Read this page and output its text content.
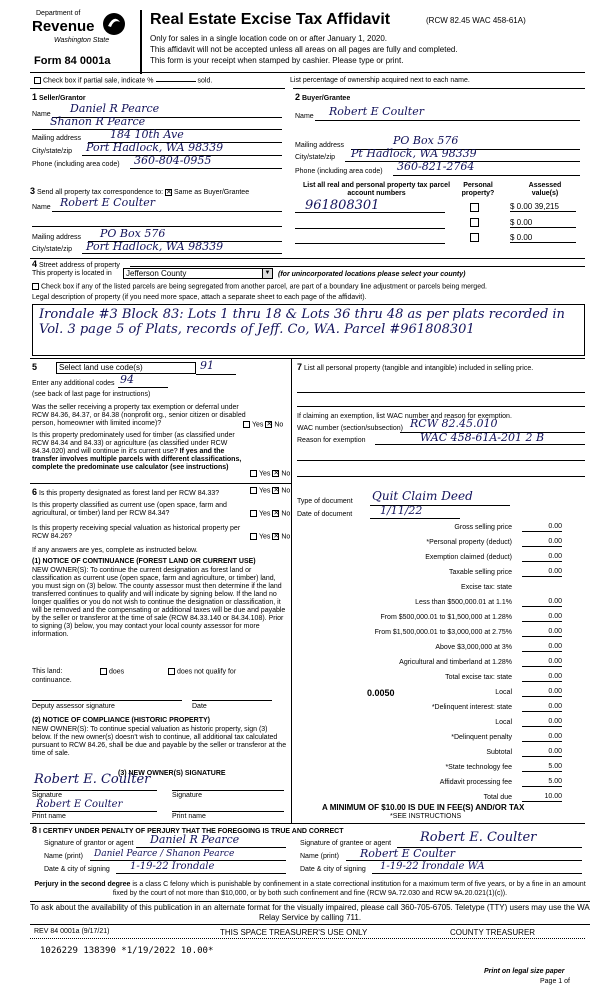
Department of
Revenue
Washington State
Form 84 0001a
Real Estate Excise Tax Affidavit	(RCW 82.45 WAC 458-61A)
Only for sales in a single location code on or after January 1, 2020.
This affidavit will not be accepted unless all areas on all pages are fully and completed.
This form is your receipt when stamped by cashier. Please type or print.
Check box if partial sale, indicate %	sold.	List percentage of ownership acquired next to each name.
1 Seller/Grantor
Name Daniel R Pearce
Shanon R Pearce
Mailing address	184 10th Ave
City/state/zip Port Hadlock, WA 98339
Phone (including area code) 360-804-0955
2 Buyer/Grantee
Name Robert E Coulter
Mailing address	PO Box 576
City/state/zip Pt Hadlock, WA 98339
Phone (including area code) 360-821-2764
3 Send all property tax correspondence to: ✕ Same as Buyer/Grantee
Name Robert E Coulter
Mailing address PO Box 576
City/state/zip Port Hadlock, WA 98339
List all real and personal property tax parcel account numbers
Personal property?
Assessed value(s)
961808301	$ 0.00 39,215
$ 0.00
$ 0.00
4 Street address of property
This property is located in	Jefferson County	▼ (for unincorporated locations please select your county)
Check box if any of the listed parcels are being segregated from another parcel, are part of a boundary line adjustment or parcels being merged.
Legal description of property (if you need more space, attach a separate sheet to each page of the affidavit).
Irondale #3 Block 83: Lots 1 thru 18 & Lots 36 thru 48 as per plats recorded in Vol. 3 page 5 of Plats, records of Jeff. Co, WA. Parcel #961808301
5	Select land use code(s)	91
Enter any additional codes 94
(see back of last page for instructions)
Was the seller receiving a property tax exemption or deferral under RCW 84.36, 84.37, or 84.38 (nonprofit org., senior citizen or disabled person, homeowner with limited income)?	Yes ✕ No
Is this property predominately used for timber (as classified under RCW 84.34 and 84.33) or agriculture (as classified under RCW 84.34.020) and will continue in it's current use? If yes and the transfer involves multiple parcels with different classifications, complete the predominate use calculator (see instructions)
Yes ✕ No
6 Is this property designated as forest land per RCW 84.33?	Yes ✕ No
Is this property classified as current use (open space, farm and agricultural, or timber) land per RCW 84.34?	Yes ✕ No
Is this property receiving special valuation as historical property per RCW 84.26?	Yes ✕ No
If any answers are yes, complete as instructed below.
(1) NOTICE OF CONTINUANCE (FOREST LAND OR CURRENT USE)
NEW OWNER(S): To continue the current designation as forest land or classification as current use (open space, farm and agriculture, or timber) land, you must sign on (3) below. The county assessor must then determine if the land transferred continues to qualify and will indicate by signing below. If the land no longer qualifies or you do not wish to continue the designation or classification, it will be removed and the compensating or additional taxes will be due and payable by the seller or transferor at the time of sale (RCW 84.33.140 or 84.34.108). Prior to signing (3) below, you may contact your local county assessor for more information.
This land:	does	does not qualify for
continuance.
Deputy assessor signature	Date
(2) NOTICE OF COMPLIANCE (HISTORIC PROPERTY)
NEW OWNER(S): To continue special valuation as historic property, sign (3) below. If the new owner(s) doesn't wish to continue, all additional tax calculated pursuant to RCW 84.26, shall be due and payable by the seller or transferor at the time of sale.
(3) NEW OWNER(S) SIGNATURE
Robert E. Coulter
Signature	Signature
Robert E Coulter
Print name	Print name
7 List all personal property (tangible and intangible) included in selling price.
If claiming an exemption, list WAC number and reason for exemption.
WAC number (section/subsection) RCW 82.45.010
Reason for exemption	WAC 458-61A-201 2 B
Type of document Quit Claim Deed
Date of document	1/11/22
Gross selling price	0.00
*Personal property (deduct)	0.00
Exemption claimed (deduct)	0.00
Taxable selling price	0.00
Excise tax: state
Less than $500,000.01 at 1.1%	0.00
From $500,000.01 to $1,500,000 at 1.28%	0.00
From $1,500,000.01 to $3,000,000 at 2.75%	0.00
Above $3,000,000 at 3%	0.00
Agricultural and timberland at 1.28%	0.00
Total excise tax: state	0.00
0.0050	Local	0.00
*Delinquent interest: state	0.00
Local	0.00
*Delinquent penalty	0.00
Subtotal	0.00
*State technology fee	5.00
Affidavit processing fee	5.00
Total due	10.00
A MINIMUM OF $10.00 IS DUE IN FEE(S) AND/OR TAX
*SEE INSTRUCTIONS
8 I CERTIFY UNDER PENALTY OF PERJURY THAT THE FOREGOING IS TRUE AND CORRECT
Signature of grantor or agent Daniel R Pearce
Name (print) Daniel Pearce / Shanon Pearce
Date & city of signing 1-19-22 Irondale
Signature of grantee or agent Robert E. Coulter
Name (print) Robert E Coulter
Date & city of signing 1-19-22 Irondale WA
Perjury in the second degree is a class C felony which is punishable by confinement in a state correctional institution for a maximum term of five years, or by a fine in an amount fixed by the court of not more than $10,000, or by both such confinement and fine (RCW 9A.72.030 and RCW 9A.20.021(1)(c)).
To ask about the availability of this publication in an alternate format for the visually impaired, please call 360-705-6705. Teletype (TTY) users may use the WA Relay Service by calling 711.
REV 84 0001a (9/17/21)	THIS SPACE TREASURER'S USE ONLY	COUNTY TREASURER
1026229 138390 *1/19/2022 10.00*
Print on legal size paper
Page 1 of
